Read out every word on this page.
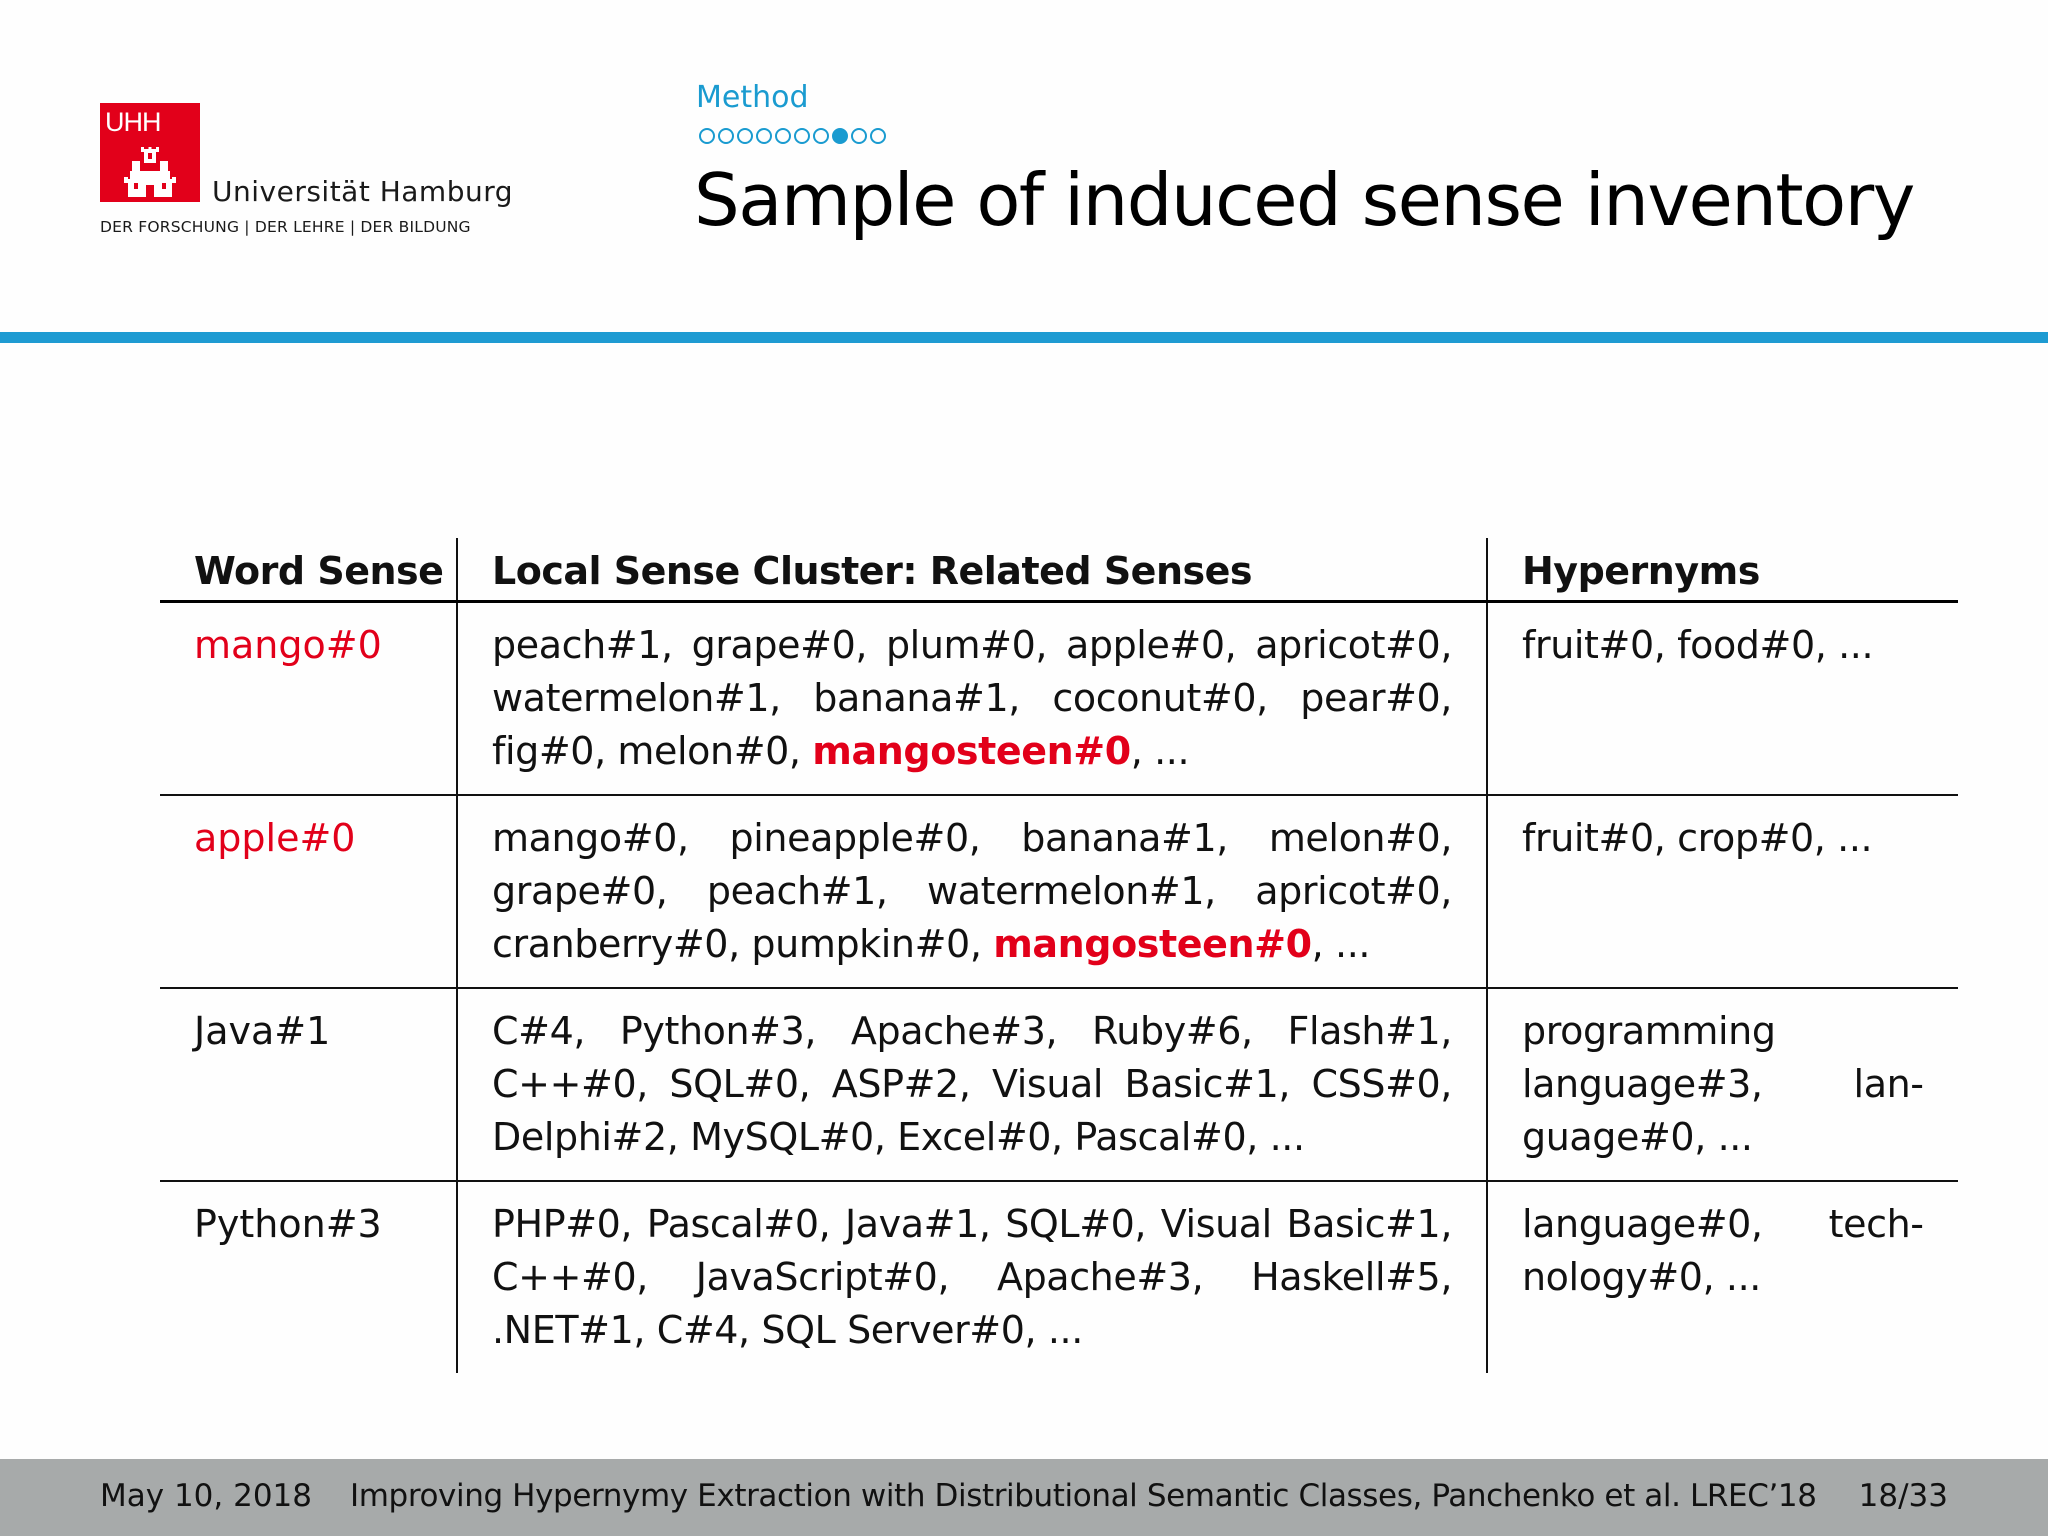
UHH
Universität Hamburg
DER FORSCHUNG | DER LEHRE | DER BILDUNG
Method
Sample of induced sense inventory
Word Sense	Local Sense Cluster: Related Senses	Hypernyms
mango#0	peach#1, grape#0, plum#0, apple#0, apricot#0, watermelon#1, banana#1, coconut#0, pear#0, fig#0, melon#0, mangosteen#0, ...	fruit#0, food#0, ...
apple#0	mango#0, pineapple#0, banana#1, melon#0, grape#0, peach#1, watermelon#1, apricot#0, cranberry#0, pumpkin#0, mangosteen#0, ...	fruit#0, crop#0, ...
Java#1	C#4, Python#3, Apache#3, Ruby#6, Flash#1, C++#0, SQL#0, ASP#2, Visual Basic#1, CSS#0, Delphi#2, MySQL#0, Excel#0, Pascal#0, ...	programming language#3, language#0, ...
Python#3	PHP#0, Pascal#0, Java#1, SQL#0, Visual Basic#1, C++#0, JavaScript#0, Apache#3, Haskell#5, .NET#1, C#4, SQL Server#0, ...	language#0, technology#0, ...
May 10, 2018 Improving Hypernymy Extraction with Distributional Semantic Classes, Panchenko et al. LREC’18 18/33
